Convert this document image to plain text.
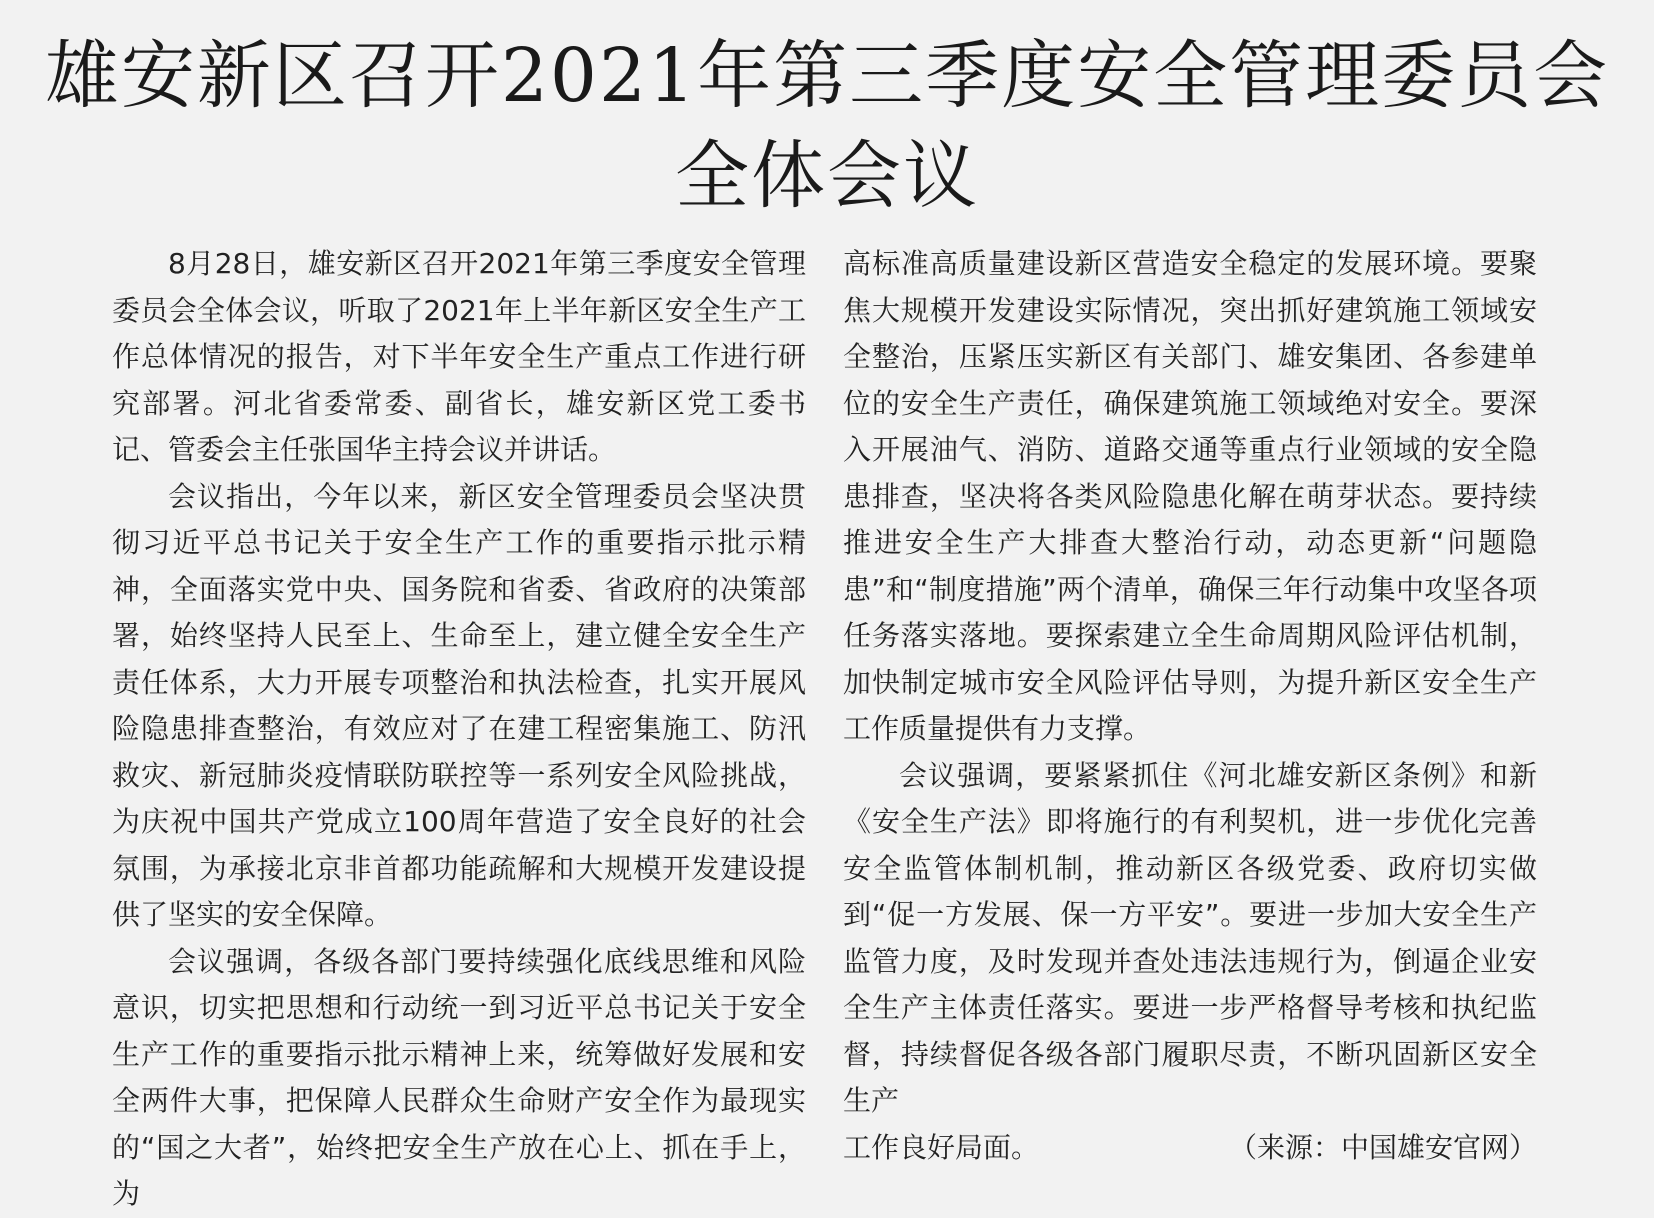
雄安新区召开2021年第三季度安全管理委员会
全体会议

8月28日，雄安新区召开2021年第三季度安全管理委员会全体会议，听取了2021年上半年新区安全生产工作总体情况的报告，对下半年安全生产重点工作进行研究部署。河北省委常委、副省长，雄安新区党工委书记、管委会主任张国华主持会议并讲话。

会议指出，今年以来，新区安全管理委员会坚决贯彻习近平总书记关于安全生产工作的重要指示批示精神，全面落实党中央、国务院和省委、省政府的决策部署，始终坚持人民至上、生命至上，建立健全安全生产责任体系，大力开展专项整治和执法检查，扎实开展风险隐患排查整治，有效应对了在建工程密集施工、防汛救灾、新冠肺炎疫情联防联控等一系列安全风险挑战，为庆祝中国共产党成立100周年营造了安全良好的社会氛围，为承接北京非首都功能疏解和大规模开发建设提供了坚实的安全保障。

会议强调，各级各部门要持续强化底线思维和风险意识，切实把思想和行动统一到习近平总书记关于安全生产工作的重要指示批示精神上来，统筹做好发展和安全两件大事，把保障人民群众生命财产安全作为最现实的“国之大者”，始终把安全生产放在心上、抓在手上，为

高标准高质量建设新区营造安全稳定的发展环境。要聚焦大规模开发建设实际情况，突出抓好建筑施工领域安全整治，压紧压实新区有关部门、雄安集团、各参建单位的安全生产责任，确保建筑施工领域绝对安全。要深入开展油气、消防、道路交通等重点行业领域的安全隐患排查，坚决将各类风险隐患化解在萌芽状态。要持续推进安全生产大排查大整治行动，动态更新“问题隐患”和“制度措施”两个清单，确保三年行动集中攻坚各项任务落实落地。要探索建立全生命周期风险评估机制，加快制定城市安全风险评估导则，为提升新区安全生产工作质量提供有力支撑。

会议强调，要紧紧抓住《河北雄安新区条例》和新《安全生产法》即将施行的有利契机，进一步优化完善安全监管体制机制，推动新区各级党委、政府切实做到“促一方发展、保一方平安”。要进一步加大安全生产监管力度，及时发现并查处违法违规行为，倒逼企业安全生产主体责任落实。要进一步严格督导考核和执纪监督，持续督促各级各部门履职尽责，不断巩固新区安全生产

工作良好局面。	（来源：中国雄安官网）
